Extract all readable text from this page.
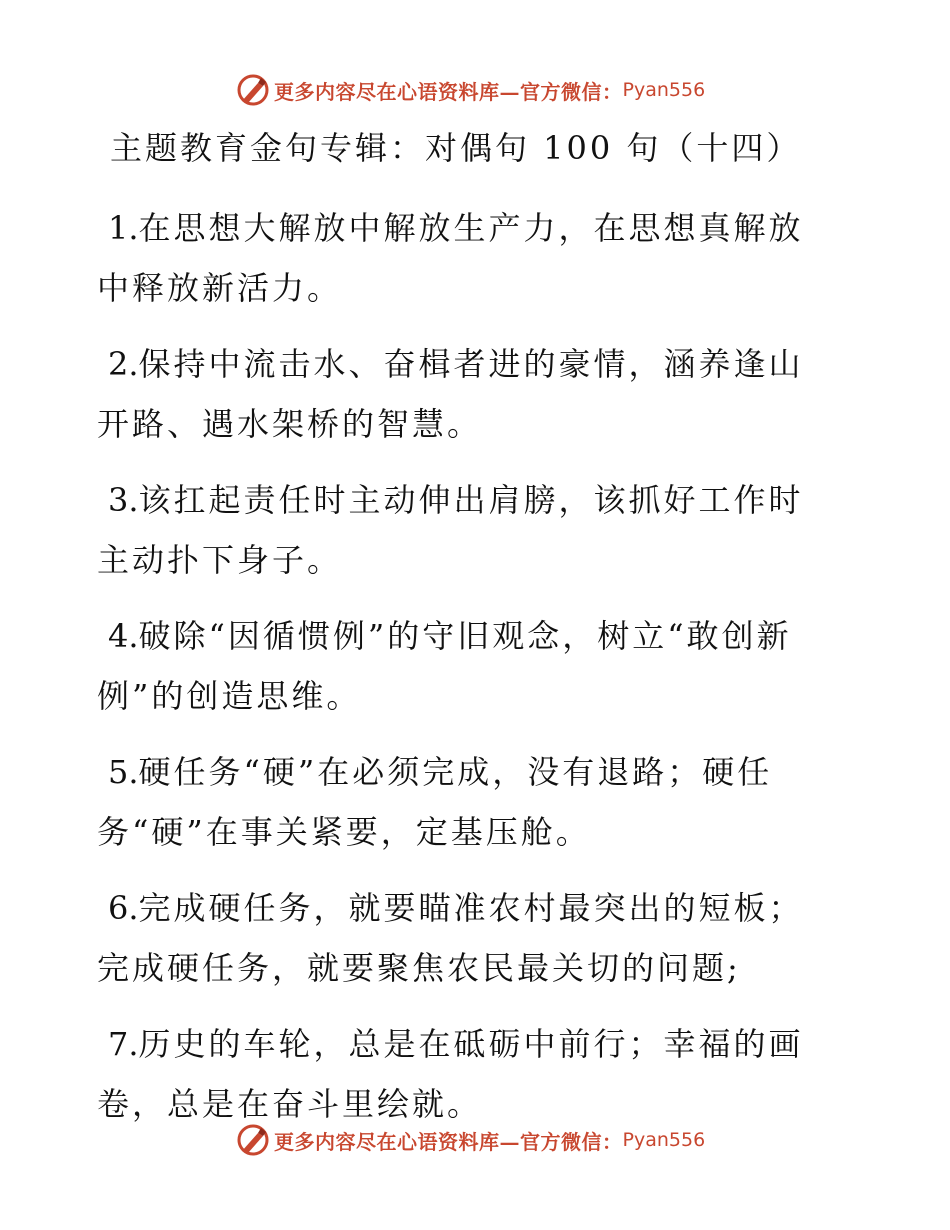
更多内容尽在心语资料库—官方微信： Pyan556
主题教育金句专辑：对偶句 100 句（十四）
1.在思想大解放中解放生产力，在思想真解放中释放新活力。
2.保持中流击水、奋楫者进的豪情，涵养逢山开路、遇水架桥的智慧。
3.该扛起责任时主动伸出肩膀，该抓好工作时主动扑下身子。
4.破除“因循惯例”的守旧观念，树立“敢创新例”的创造思维。
5.硬任务“硬”在必须完成，没有退路；硬任务“硬”在事关紧要，定基压舱。
6.完成硬任务，就要瞄准农村最突出的短板；完成硬任务，就要聚焦农民最关切的问题;
7.历史的车轮，总是在砥砺中前行；幸福的画卷，总是在奋斗里绘就。
更多内容尽在心语资料库—官方微信： Pyan556
